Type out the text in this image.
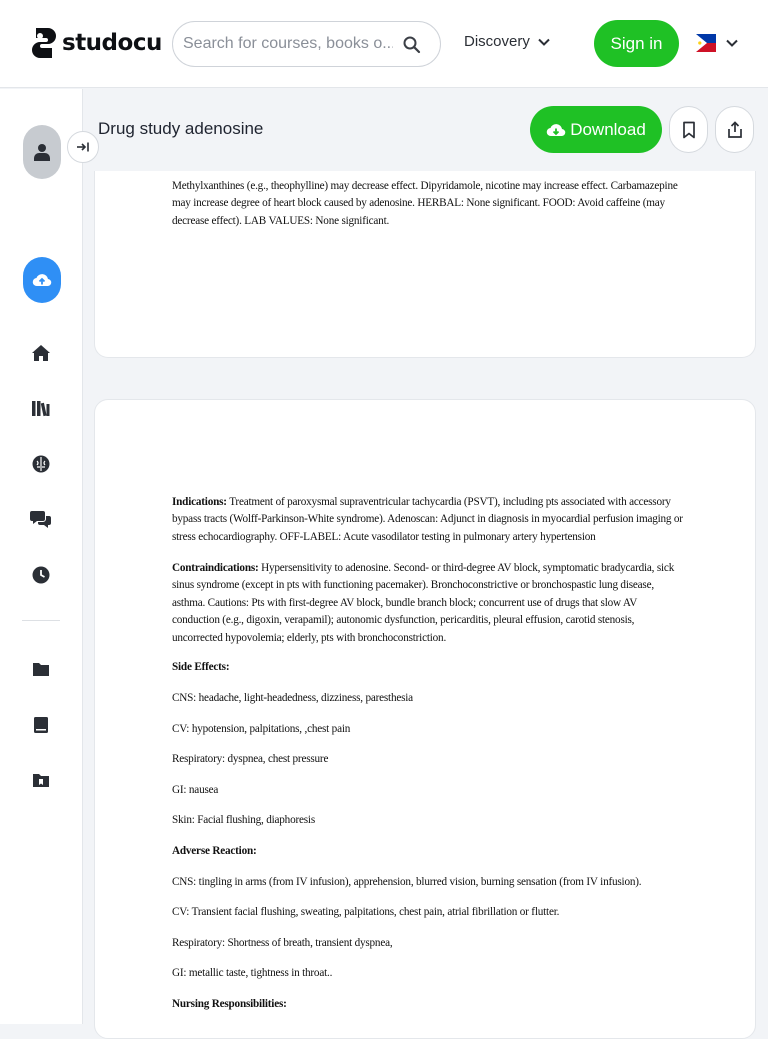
studocu
Search for courses, books o...	Discovery	Sign in
Methylxanthines (e.g., theophylline) may decrease effect. Dipyridamole, nicotine may increase effect. Carbamazepine may increase degree of heart block caused by adenosine. HERBAL: None significant. FOOD: Avoid caffeine (may decrease effect). LAB VALUES: None significant.
Drug study adenosine	Download
Indications: Treatment of paroxysmal supraventricular tachycardia (PSVT), including pts associated with accessory bypass tracts (Wolff-Parkinson-White syndrome). Adenoscan: Adjunct in diagnosis in myocardial perfusion imaging or stress echocardiography. OFF-LABEL: Acute vasodilator testing in pulmonary artery hypertension
Contraindications: Hypersensitivity to adenosine. Second- or third-degree AV block, symptomatic bradycardia, sick sinus syndrome (except in pts with functioning pacemaker). Bronchoconstrictive or bronchospastic lung disease, asthma. Cautions: Pts with first-degree AV block, bundle branch block; concurrent use of drugs that slow AV conduction (e.g., digoxin, verapamil); autonomic dysfunction, pericarditis, pleural effusion, carotid stenosis, uncorrected hypovolemia; elderly, pts with bronchoconstriction.
Side Effects:
CNS: headache, light-headedness, dizziness, paresthesia
CV: hypotension, palpitations, ,chest pain
Respiratory: dyspnea, chest pressure
GI: nausea
Skin: Facial flushing, diaphoresis
Adverse Reaction:
CNS: tingling in arms (from IV infusion), apprehension, blurred vision, burning sensation (from IV infusion).
CV: Transient facial flushing, sweating, palpitations, chest pain, atrial fibrillation or flutter.
Respiratory: Shortness of breath, transient dyspnea,
GI: metallic taste, tightness in throat..
Nursing Responsibilities:
